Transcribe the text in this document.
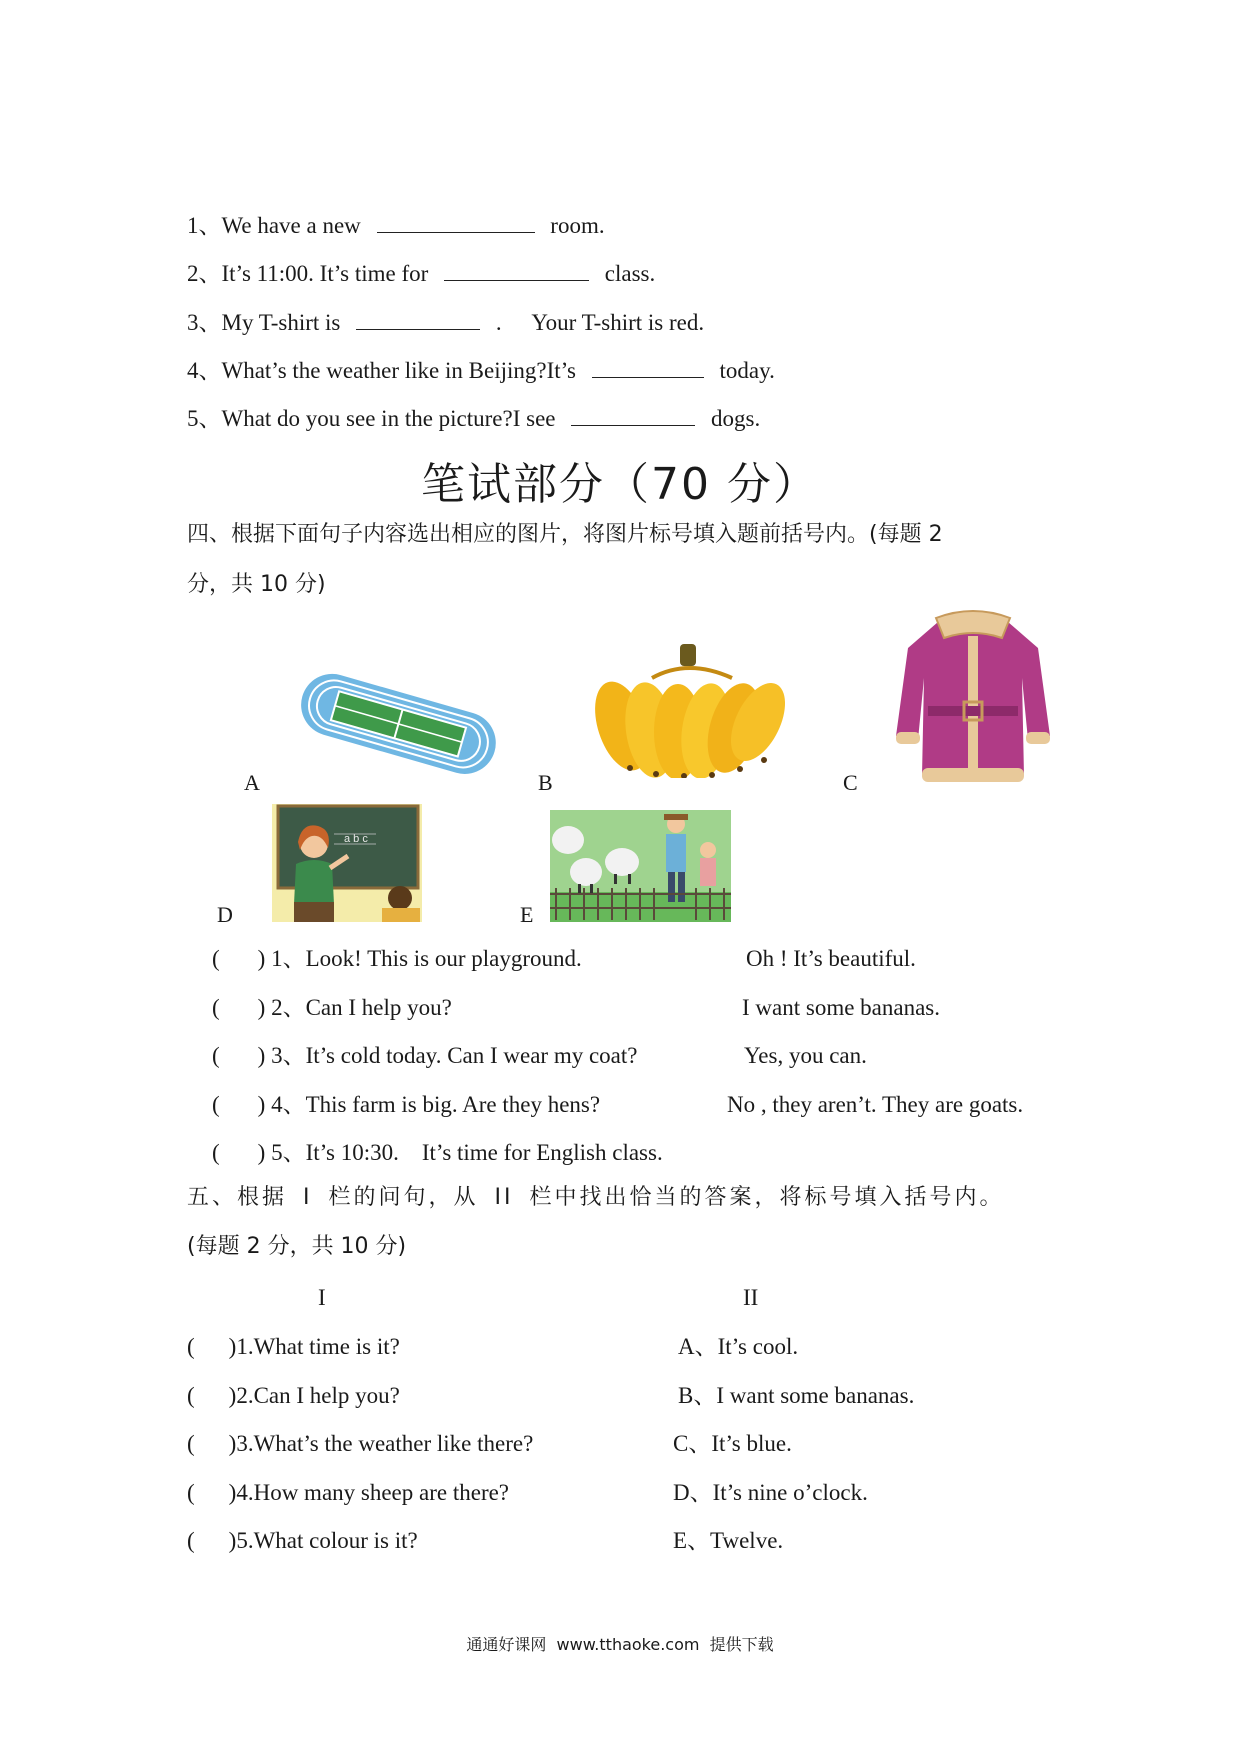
1、We have a new	room.
2、It’s 11:00. It’s time for	class.
3、My T-shirt is	. Your T-shirt is red.
4、What’s the weather like in Beijing?It’s	today.
5、What do you see in the picture?I see	dogs.
笔试部分（70 分）
四、根据下面句子内容选出相应的图片，将图片标号填入题前括号内。(每题 2
分，共 10 分)
A	B	C
a b c
D	E
( ) 1、Look! This is our playground.	Oh ! It’s beautiful.
( ) 2、Can I help you?	I want some bananas.
( ) 3、It’s cold today. Can I wear my coat?	Yes, you can.
( ) 4、This farm is big. Are they hens?	No , they aren’t. They are goats.
( ) 5、It’s 10:30.    It’s time for English class.
五、根据 I 栏的问句，从 II 栏中找出恰当的答案，将标号填入括号内。
(每题 2 分，共 10 分)
I	II
( )1.What time is it?	A、It’s cool.
( )2.Can I help you?	B、I want some bananas.
( )3.What’s the weather like there?	C、It’s blue.
( )4.How many sheep are there?	D、It’s nine o’clock.
( )5.What colour is it?	E、Twelve.
通通好课网  www.tthaoke.com  提供下载
